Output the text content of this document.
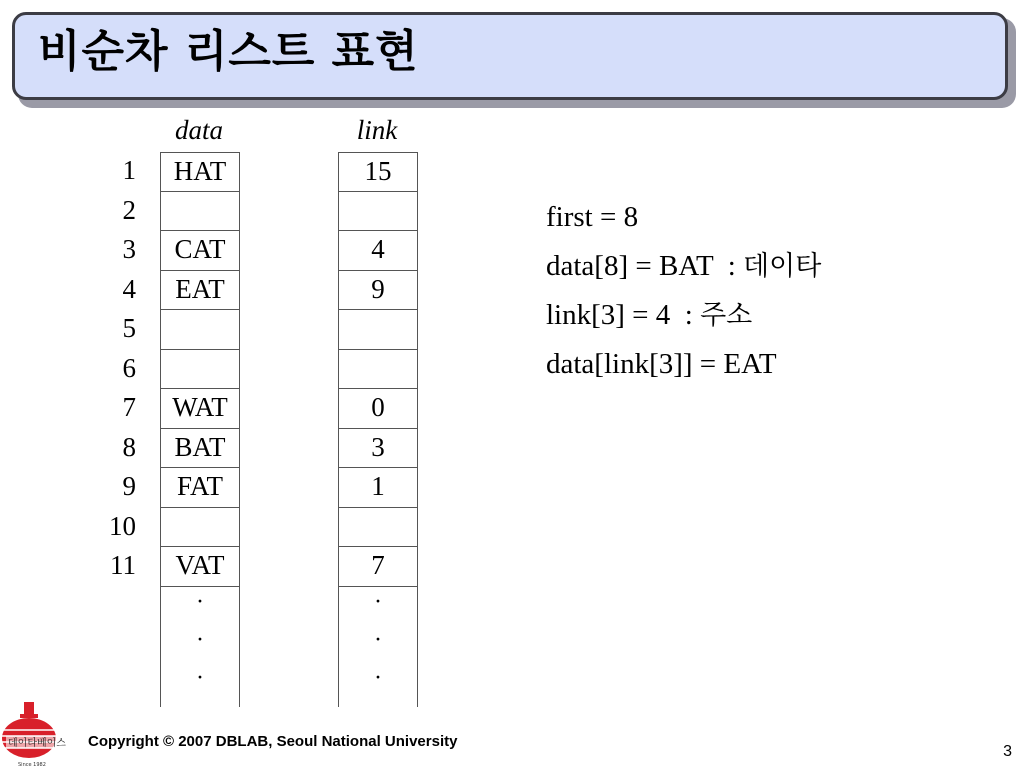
비순차 리스트 표현
data	link
1
2
3
4
5
6
7
8
9
10
11
HAT
CAT
EAT
WAT
BAT
FAT
VAT
·
·
·
15
4
9
0
3
1
7
·
·
·
first = 8
data[8] = BAT  : 데이타
link[3] = 4  : 주소
data[link[3]] = EAT
데이타베이스
Since 1982
Copyright © 2007 DBLAB, Seoul National University
3
